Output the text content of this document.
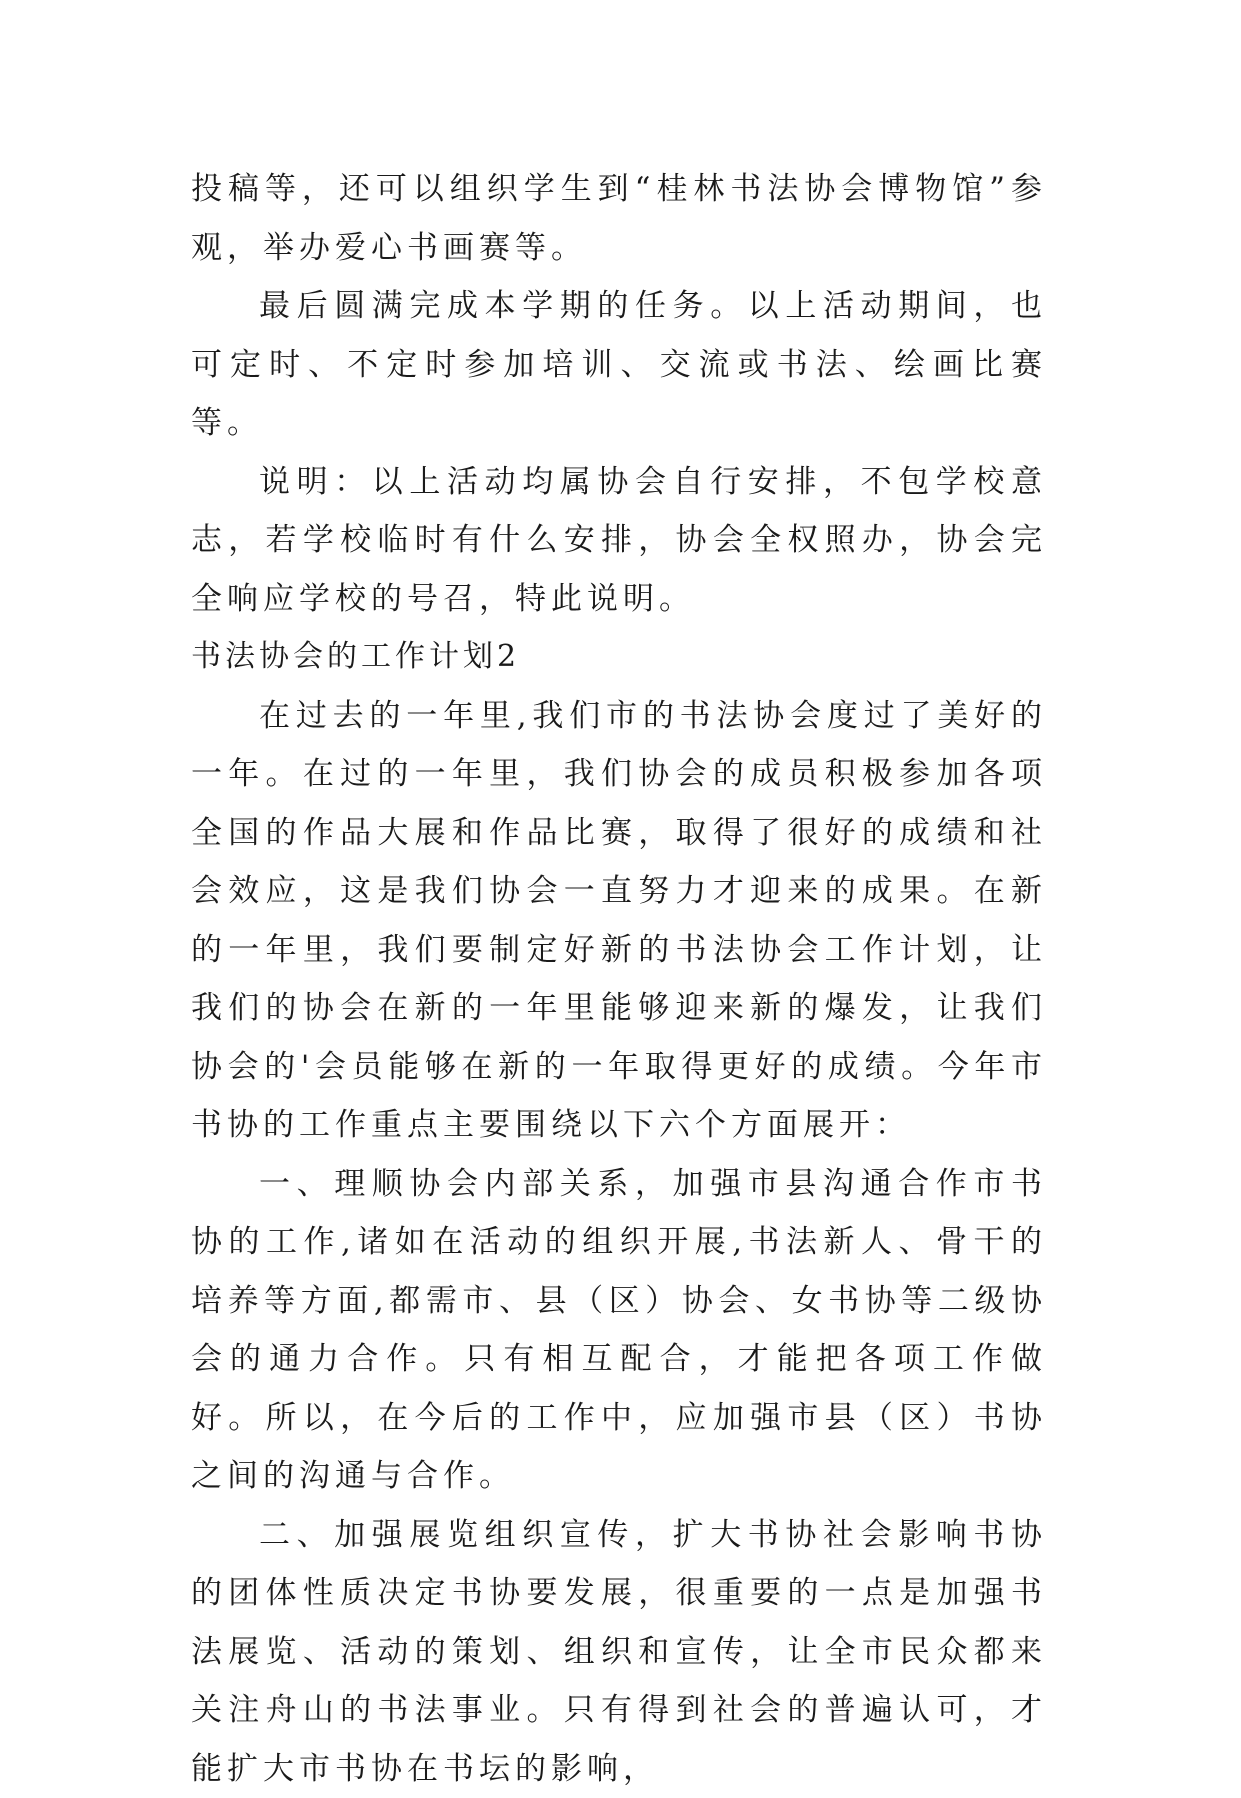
投稿等，还可以组织学生到“桂林书法协会博物馆”参观，举办爱心书画赛等。

最后圆满完成本学期的任务。以上活动期间，也可定时、不定时参加培训、交流或书法、绘画比赛等。

说明：以上活动均属协会自行安排，不包学校意志，若学校临时有什么安排，协会全权照办，协会完全响应学校的号召，特此说明。

书法协会的工作计划2

在过去的一年里,我们市的书法协会度过了美好的一年。在过的一年里，我们协会的成员积极参加各项全国的作品大展和作品比赛，取得了很好的成绩和社会效应，这是我们协会一直努力才迎来的成果。在新的一年里，我们要制定好新的书法协会工作计划，让我们的协会在新的一年里能够迎来新的爆发，让我们协会的'会员能够在新的一年取得更好的成绩。今年市书协的工作重点主要围绕以下六个方面展开：

一、理顺协会内部关系，加强市县沟通合作市书协的工作,诸如在活动的组织开展,书法新人、骨干的培养等方面,都需市、县（区）协会、女书协等二级协会的通力合作。只有相互配合，才能把各项工作做好。所以，在今后的工作中，应加强市县（区）书协之间的沟通与合作。

二、加强展览组织宣传，扩大书协社会影响书协的团体性质决定书协要发展，很重要的一点是加强书法展览、活动的策划、组织和宣传，让全市民众都来关注舟山的书法事业。只有得到社会的普遍认可，才能扩大市书协在书坛的影响，
